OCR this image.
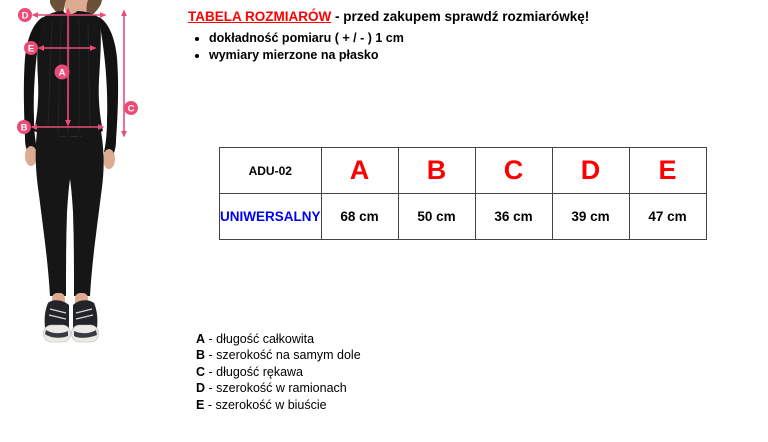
D
E
A
B
C
TABELA ROZMIARÓW - przed zakupem sprawdź rozmiarówkę!
• dokładność pomiaru ( + / - ) 1 cm
• wymiary mierzone na płasko
ADU-02	A	B	C	D	E
UNIWERSALNY	68 cm	50 cm	36 cm	39 cm	47 cm
A - długość całkowita
B - szerokość na samym dole
C - długość rękawa
D - szerokość w ramionach
E - szerokość w biuście
